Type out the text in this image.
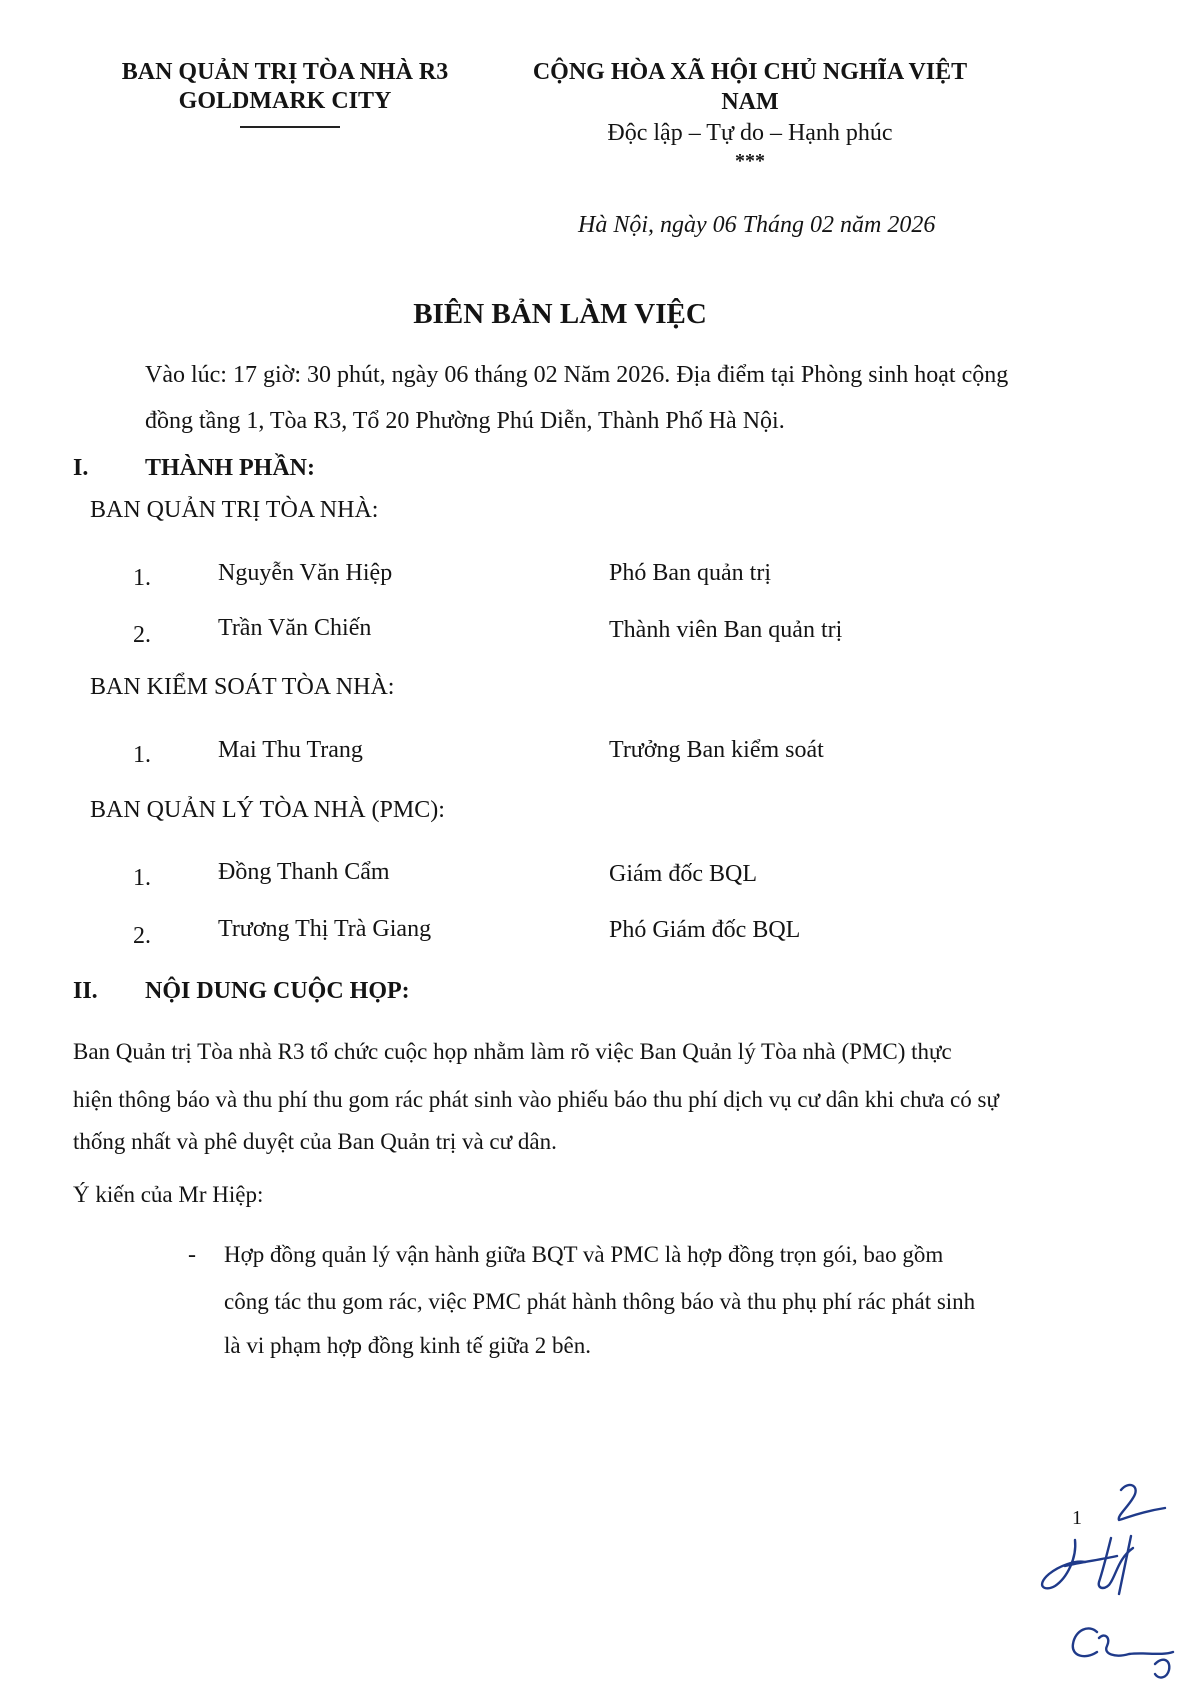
BAN QUẢN TRỊ TÒA NHÀ R3
GOLDMARK CITY
CỘNG HÒA XÃ HỘI CHỦ NGHĨA VIỆT
NAM
Độc lập – Tự do – Hạnh phúc
***
Hà Nội, ngày 06 Tháng 02 năm 2026
BIÊN BẢN LÀM VIỆC
Vào lúc: 17 giờ: 30 phút, ngày 06 tháng 02 Năm 2026. Địa điểm tại Phòng sinh hoạt cộng
đồng tầng 1, Tòa R3, Tổ 20 Phường Phú Diễn, Thành Phố Hà Nội.
I. THÀNH PHẦN:
BAN QUẢN TRỊ TÒA NHÀ:
1.	Nguyễn Văn Hiệp	Phó Ban quản trị
2.	Trần Văn Chiến	Thành viên Ban quản trị
BAN KIỂM SOÁT TÒA NHÀ:
1.	Mai Thu Trang	Trưởng Ban kiểm soát
BAN QUẢN LÝ TÒA NHÀ (PMC):
1.	Đồng Thanh Cẩm	Giám đốc BQL
2.	Trương Thị Trà Giang	Phó Giám đốc BQL
II. NỘI DUNG CUỘC HỌP:
Ban Quản trị Tòa nhà R3 tổ chức cuộc họp nhằm làm rõ việc Ban Quản lý Tòa nhà (PMC) thực
hiện thông báo và thu phí thu gom rác phát sinh vào phiếu báo thu phí dịch vụ cư dân khi chưa có sự
thống nhất và phê duyệt của Ban Quản trị và cư dân.
Ý kiến của Mr Hiệp:
- Hợp đồng quản lý vận hành giữa BQT và PMC là hợp đồng trọn gói, bao gồm
công tác thu gom rác, việc PMC phát hành thông báo và thu phụ phí rác phát sinh
là vi phạm hợp đồng kinh tế giữa 2 bên.
1
